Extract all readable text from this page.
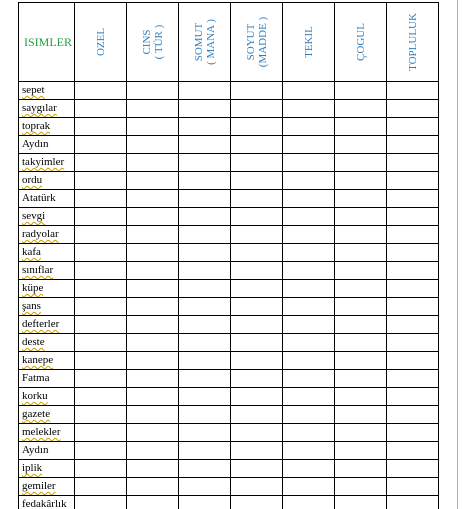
ISIMLER	OZEL	CINS ( TÜR )	SOMUT ( MANA )	SOYUT (MADDE )	TEKIL	ÇOGUL	TOPLULUK

sepet							
saygılar							
toprak							
Aydın							
takyimler							
ordu							
Atatürk							
sevgi							
radyolar							
kafa							
sınıflar							
küpe							
şans							
defterler							
deste							
kanepe							
Fatma							
korku							
gazete							
melekler							
Aydın							
iplik							
gemiler							
fedakârlık							
